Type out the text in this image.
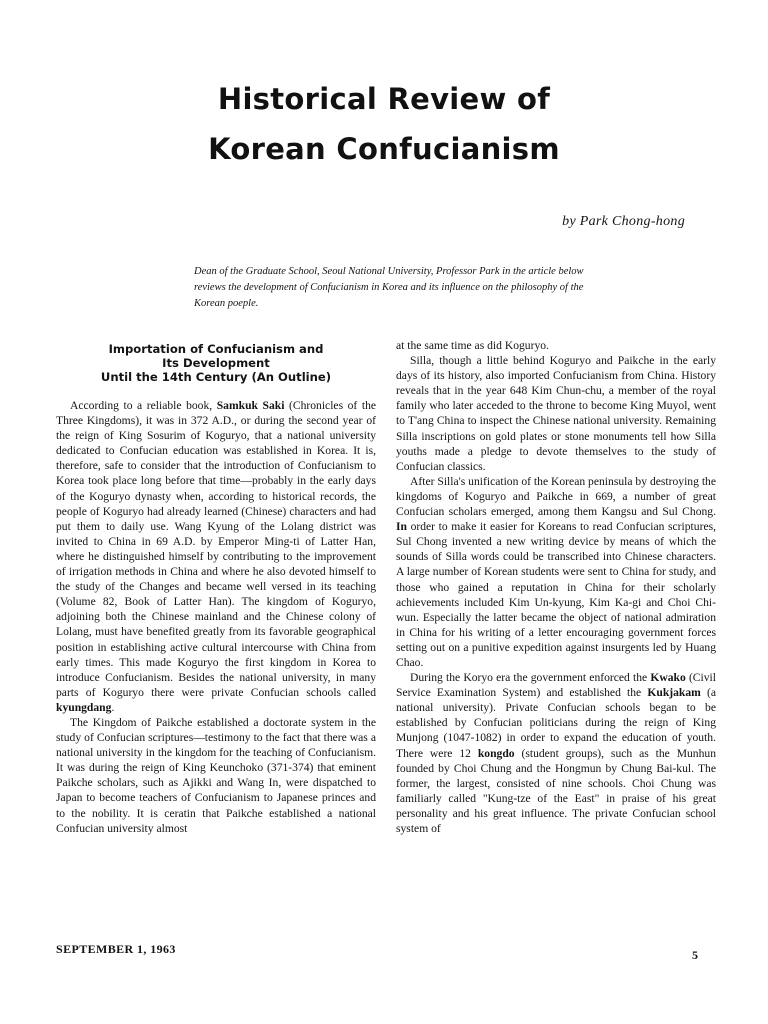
Historical Review of
Korean Confucianism

by Park Chong-hong

Dean of the Graduate School, Seoul National University, Professor Park in the article below reviews the development of Confucianism in Korea and its influence on the philosophy of the Korean poeple.

Importation of Confucianism and
Its Development
Until the 14th Century (An Outline)

According to a reliable book, Samkuk Saki (Chronicles of the Three Kingdoms), it was in 372 A.D., or during the second year of the reign of King Sosurim of Koguryo, that a national university dedicated to Confucian education was established in Korea. It is, therefore, safe to consider that the introduction of Confucianism to Korea took place long before that time—probably in the early days of the Koguryo dynasty when, according to historical records, the people of Koguryo had already learned (Chinese) characters and had put them to daily use. Wang Kyung of the Lolang district was invited to China in 69 A.D. by Emperor Ming-ti of Latter Han, where he distinguished himself by contributing to the improvement of irrigation methods in China and where he also devoted himself to the study of the Changes and became well versed in its teaching (Volume 82, Book of Latter Han). The kingdom of Koguryo, adjoining both the Chinese mainland and the Chinese colony of Lolang, must have benefited greatly from its favorable geographical position in establishing active cultural intercourse with China from early times. This made Koguryo the first kingdom in Korea to introduce Confucianism. Besides the national university, in many parts of Koguryo there were private Confucian schools called kyungdang.

The Kingdom of Paikche established a doctorate system in the study of Confucian scriptures—testimony to the fact that there was a national university in the kingdom for the teaching of Confucianism. It was during the reign of King Keunchoko (371-374) that eminent Paikche scholars, such as Ajikki and Wang In, were dispatched to Japan to become teachers of Confucianism to Japanese princes and to the nobility. It is ceratin that Paikche established a national Confucian university almost

at the same time as did Koguryo.

Silla, though a little behind Koguryo and Paikche in the early days of its history, also imported Confucianism from China. History reveals that in the year 648 Kim Chun-chu, a member of the royal family who later acceded to the throne to become King Muyol, went to T'ang China to inspect the Chinese national university. Remaining Silla inscriptions on gold plates or stone monuments tell how Silla youths made a pledge to devote themselves to the study of Confucian classics.

After Silla's unification of the Korean peninsula by destroying the kingdoms of Koguryo and Paikche in 669, a number of great Confucian scholars emerged, among them Kangsu and Sul Chong. In order to make it easier for Koreans to read Confucian scriptures, Sul Chong invented a new writing device by means of which the sounds of Silla words could be transcribed into Chinese characters. A large number of Korean students were sent to China for study, and those who gained a reputation in China for their scholarly achievements included Kim Un-kyung, Kim Ka-gi and Choi Chi-wun. Especially the latter became the object of national admiration in China for his writing of a letter encouraging government forces setting out on a punitive expedition against insurgents led by Huang Chao.

During the Koryo era the government enforced the Kwako (Civil Service Examination System) and established the Kukjakam (a national university). Private Confucian schools began to be established by Confucian politicians during the reign of King Munjong (1047-1082) in order to expand the education of youth. There were 12 kongdo (student groups), such as the Munhun founded by Choi Chung and the Hongmun by Chung Bai-kul. The former, the largest, consisted of nine schools. Choi Chung was familiarly called "Kung-tze of the East" in praise of his great personality and his great influence. The private Confucian school system of

SEPTEMBER 1, 1963	5
